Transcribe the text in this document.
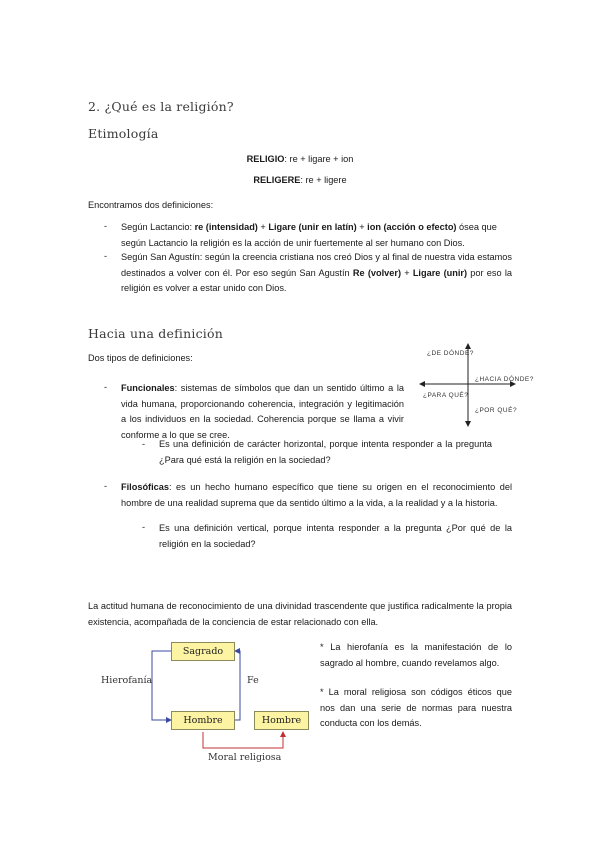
2. ¿Qué es la religión?
Etimología
RELIGIO: re + ligare + ion
RELIGERE: re + ligere
Encontramos dos definiciones:
- Según Lactancio: re (intensidad) + Ligare (unir en latín) + ion (acción o efecto) ósea que
según Lactancio la religión es la acción de unir fuertemente al ser humano con Dios.
- Según San Agustín: según la creencia cristiana nos creó Dios y al final de nuestra vida estamos destinados a volver con él. Por eso según San Agustín Re (volver) + Ligare (unir) por eso la religión es volver a estar unido con Dios.
Hacia una definición
Dos tipos de definiciones:	¿DE DÓNDE?
¿HACIA DÓNDE?
¿PARA QUÉ?
¿POR QUÉ?
- Funcionales: sistemas de símbolos que dan un sentido último a la vida humana, proporcionando coherencia, integración y legitimación a los individuos en la sociedad. Coherencia porque se llama a vivir conforme a lo que se cree.
- Es una definición de carácter horizontal, porque intenta responder a la pregunta ¿Para qué está la religión en la sociedad?
- Filosóficas: es un hecho humano específico que tiene su origen en el reconocimiento del hombre de una realidad suprema que da sentido último a la vida, a la realidad y a la historia.
- Es una definición vertical, porque intenta responder a la pregunta ¿Por qué de la religión en la sociedad?
La actitud humana de reconocimiento de una divinidad trascendente que justifica radicalmente la propia existencia, acompañada de la conciencia de estar relacionado con ella.
Sagrado
Hombre	Hombre
Hierofanía	Fe
Moral religiosa
* La hierofanía es la manifestación de lo sagrado al hombre, cuando revelamos algo.
* La moral religiosa son códigos éticos que nos dan una serie de normas para nuestra conducta con los demás.
